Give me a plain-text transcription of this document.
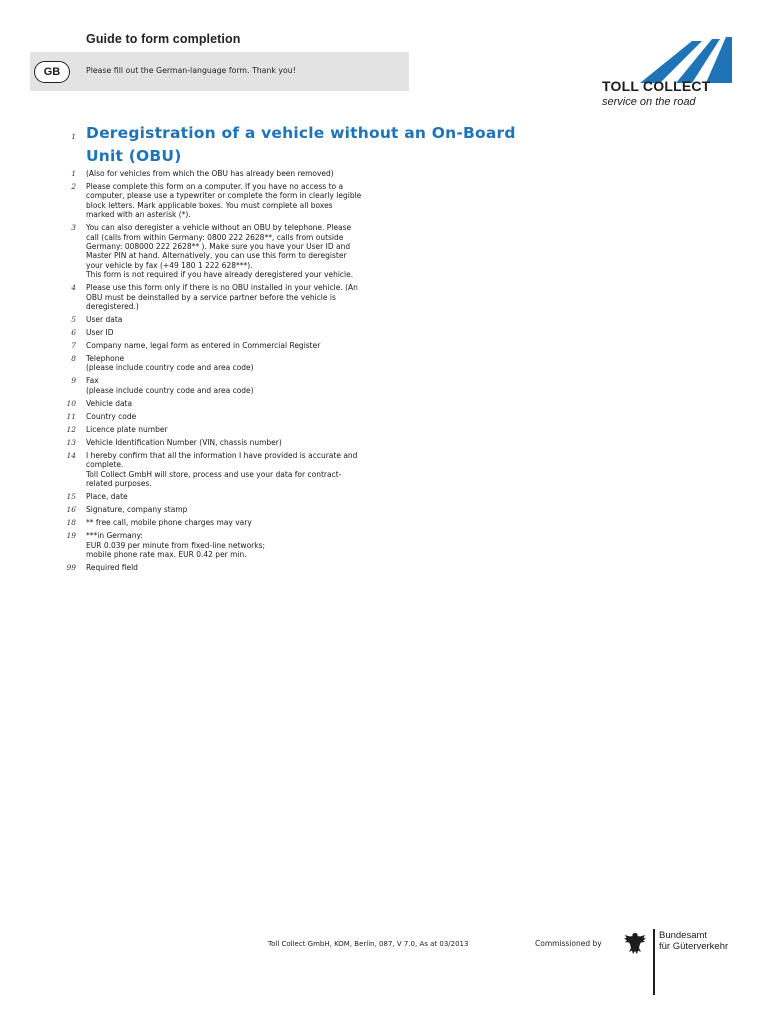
Guide to form completion
GB	Please fill out the German-language form. Thank you!
TOLL COLLECT
service on the road
1 Deregistration of a vehicle without an On-Board Unit (OBU)
1 (Also for vehicles from which the OBU has already been removed)
2 Please complete this form on a computer. If you have no access to a
computer, please use a typewriter or complete the form in clearly legible
block letters. Mark applicable boxes. You must complete all boxes
marked with an asterisk (*).
3 You can also deregister a vehicle without an OBU by telephone. Please
call (calls from within Germany: 0800 222 2628**, calls from outside
Germany: 008000 222 2628** ). Make sure you have your User ID and
Master PIN at hand. Alternatively, you can use this form to deregister
your vehicle by fax (+49 180 1 222 628***).
This form is not required if you have already deregistered your vehicle.
4 Please use this form only if there is no OBU installed in your vehicle. (An
OBU must be deinstalled by a service partner before the vehicle is
deregistered.)
5 User data
6 User ID
7 Company name, legal form as entered in Commercial Register
8 Telephone
(please include country code and area code)
9 Fax
(please include country code and area code)
10 Vehicle data
11 Country code
12 Licence plate number
13 Vehicle Identification Number (VIN, chassis number)
14 I hereby confirm that all the information I have provided is accurate and
complete.
Toll Collect GmbH will store, process and use your data for contract-
related purposes.
15 Place, date
16 Signature, company stamp
18 ** free call, mobile phone charges may vary
19 ***in Germany:
EUR 0.039 per minute from fixed-line networks;
mobile phone rate max. EUR 0.42 per min.
99 Required field
Toll Collect GmbH, KOM, Berlin, 087, V 7.0, As at 03/2013	Commissioned by
Bundesamt
für Güterverkehr
